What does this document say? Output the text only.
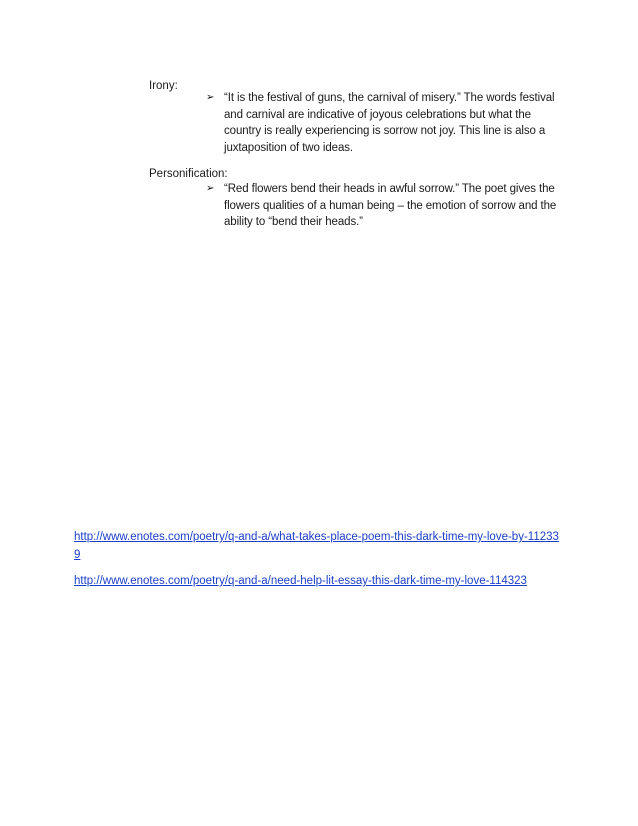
Irony:
➢ “It is the festival of guns, the carnival of misery.” The words festival and carnival are indicative of joyous celebrations but what the country is really experiencing is sorrow not joy. This line is also a juxtaposition of two ideas.
Personification:
➢ “Red flowers bend their heads in awful sorrow.” The poet gives the flowers qualities of a human being – the emotion of sorrow and the ability to “bend their heads.”
http://www.enotes.com/poetry/q-and-a/what-takes-place-poem-this-dark-time-my-love-by-112339
http://www.enotes.com/poetry/q-and-a/need-help-lit-essay-this-dark-time-my-love-114323
